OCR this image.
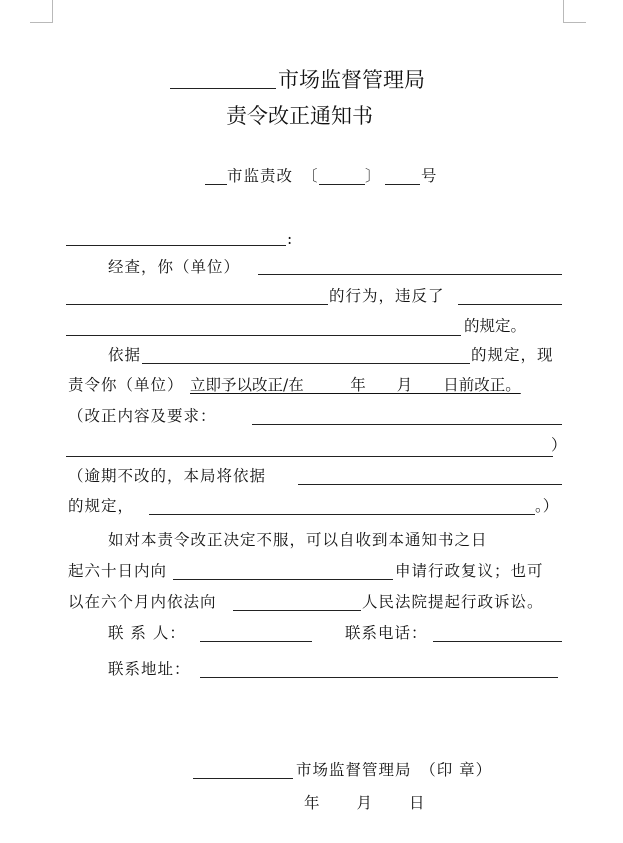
市场监督管理局
责令改正通知书
市监责改 〔	〕	号
:
经查，你（单位）
的行为，违反了
的规定。
依据	的规定，现
责令你（单位） 立即予以改正/在　　　年　　月　　日前改正。
（改正内容及要求：
）
（逾期不改的，本局将依据
的规定，	。）
如对本责令改正决定不服，可以自收到本通知书之日
起六十日内向	申请行政复议；也可
以在六个月内依法向	人民法院提起行政诉讼。
联 系 人：	联系电话：
联系地址：
市场监督管理局　（印 章）
年　　月　　日
